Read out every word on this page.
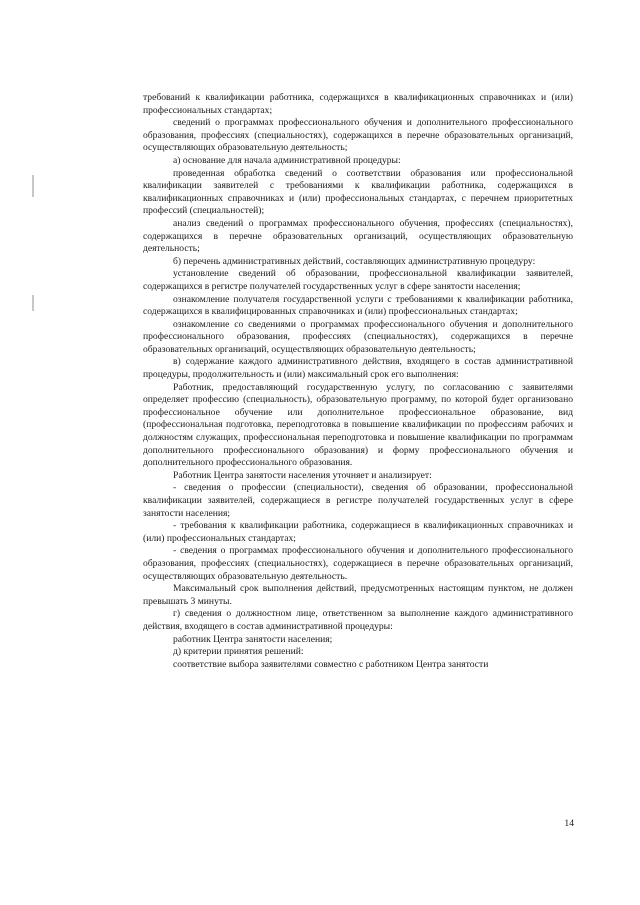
требований к квалификации работника, содержащихся в квалификационных справочниках и (или) профессиональных стандартах;

сведений о программах профессионального обучения и дополнительного профессионального образования, профессиях (специальностях), содержащихся в перечне образовательных организаций, осуществляющих образовательную деятельность;

а) основание для начала административной процедуры:

проведенная обработка сведений о соответствии образования или профессиональной квалификации заявителей с требованиями к квалификации работника, содержащихся в квалификационных справочниках и (или) профессиональных стандартах, с перечнем приоритетных профессий (специальностей);

анализ сведений о программах профессионального обучения, профессиях (специальностях), содержащихся в перечне образовательных организаций, осуществляющих образовательную деятельность;

б) перечень административных действий, составляющих административную процедуру:

установление сведений об образовании, профессиональной квалификации заявителей, содержащихся в регистре получателей государственных услуг в сфере занятости населения;

ознакомление получателя государственной услуги с требованиями к квалификации работника, содержащихся в квалифицированных справочниках и (или) профессиональных стандартах;

ознакомление со сведениями о программах профессионального обучения и дополнительного профессионального образования, профессиях (специальностях), содержащихся в перечне образовательных организаций, осуществляющих образовательную деятельность;

в) содержание каждого административного действия, входящего в состав административной процедуры, продолжительность и (или) максимальный срок его выполнения:

Работник, предоставляющий государственную услугу, по согласованию с заявителями определяет профессию (специальность), образовательную программу, по которой будет организовано профессиональное обучение или дополнительное профессиональное образование, вид (профессиональная подготовка, переподготовка в повышение квалификации по профессиям рабочих и должностям служащих, профессиональная переподготовка и повышение квалификации по программам дополнительного профессионального образования) и форму профессионального обучения и дополнительного профессионального образования.

Работник Центра занятости населения уточняет и анализирует:

- сведения о профессии (специальности), сведения об образовании, профессиональной квалификации заявителей, содержащиеся в регистре получателей государственных услуг в сфере занятости населения;

- требования к квалификации работника, содержащиеся в квалификационных справочниках и (или) профессиональных стандартах;

- сведения о программах профессионального обучения и дополнительного профессионального образования, профессиях (специальностях), содержащиеся в перечне образовательных организаций, осуществляющих образовательную деятельность.

Максимальный срок выполнения действий, предусмотренных настоящим пунктом, не должен превышать 3 минуты.

г) сведения о должностном лице, ответственном за выполнение каждого административного действия, входящего в состав административной процедуры:

работник Центра занятости населения;

д) критерии принятия решений:

соответствие выбора заявителями совместно с работником Центра занятости

14
